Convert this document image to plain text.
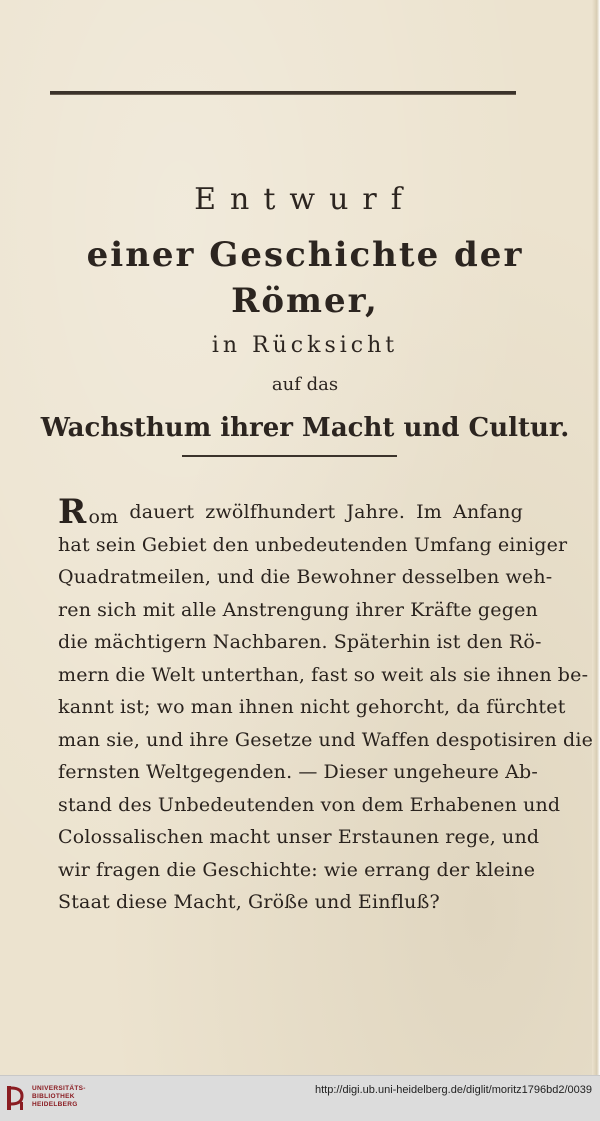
Entwurf
einer Geschichte der Römer,
in Rücksicht
auf das
Wachsthum ihrer Macht und Cultur.
Rom dauert zwölfhundert Jahre. Im Anfang
hat sein Gebiet den unbedeutenden Umfang einiger
Quadratmeilen, und die Bewohner desselben weh-
ren sich mit alle Anstrengung ihrer Kräfte gegen
die mächtigern Nachbaren. Späterhin ist den Rö-
mern die Welt unterthan, fast so weit als sie ihnen be-
kannt ist; wo man ihnen nicht gehorcht, da fürchtet
man sie, und ihre Gesetze und Waffen despotisiren die
fernsten Weltgegenden. — Dieser ungeheure Ab-
stand des Unbedeutenden von dem Erhabenen und
Colossalischen macht unser Erstaunen rege, und
wir fragen die Geschichte: wie errang der kleine
Staat diese Macht, Größe und Einfluß?
UNIVERSITÄTS-
BIBLIOTHEK
HEIDELBERG
http://digi.ub.uni-heidelberg.de/diglit/moritz1796bd2/0039
